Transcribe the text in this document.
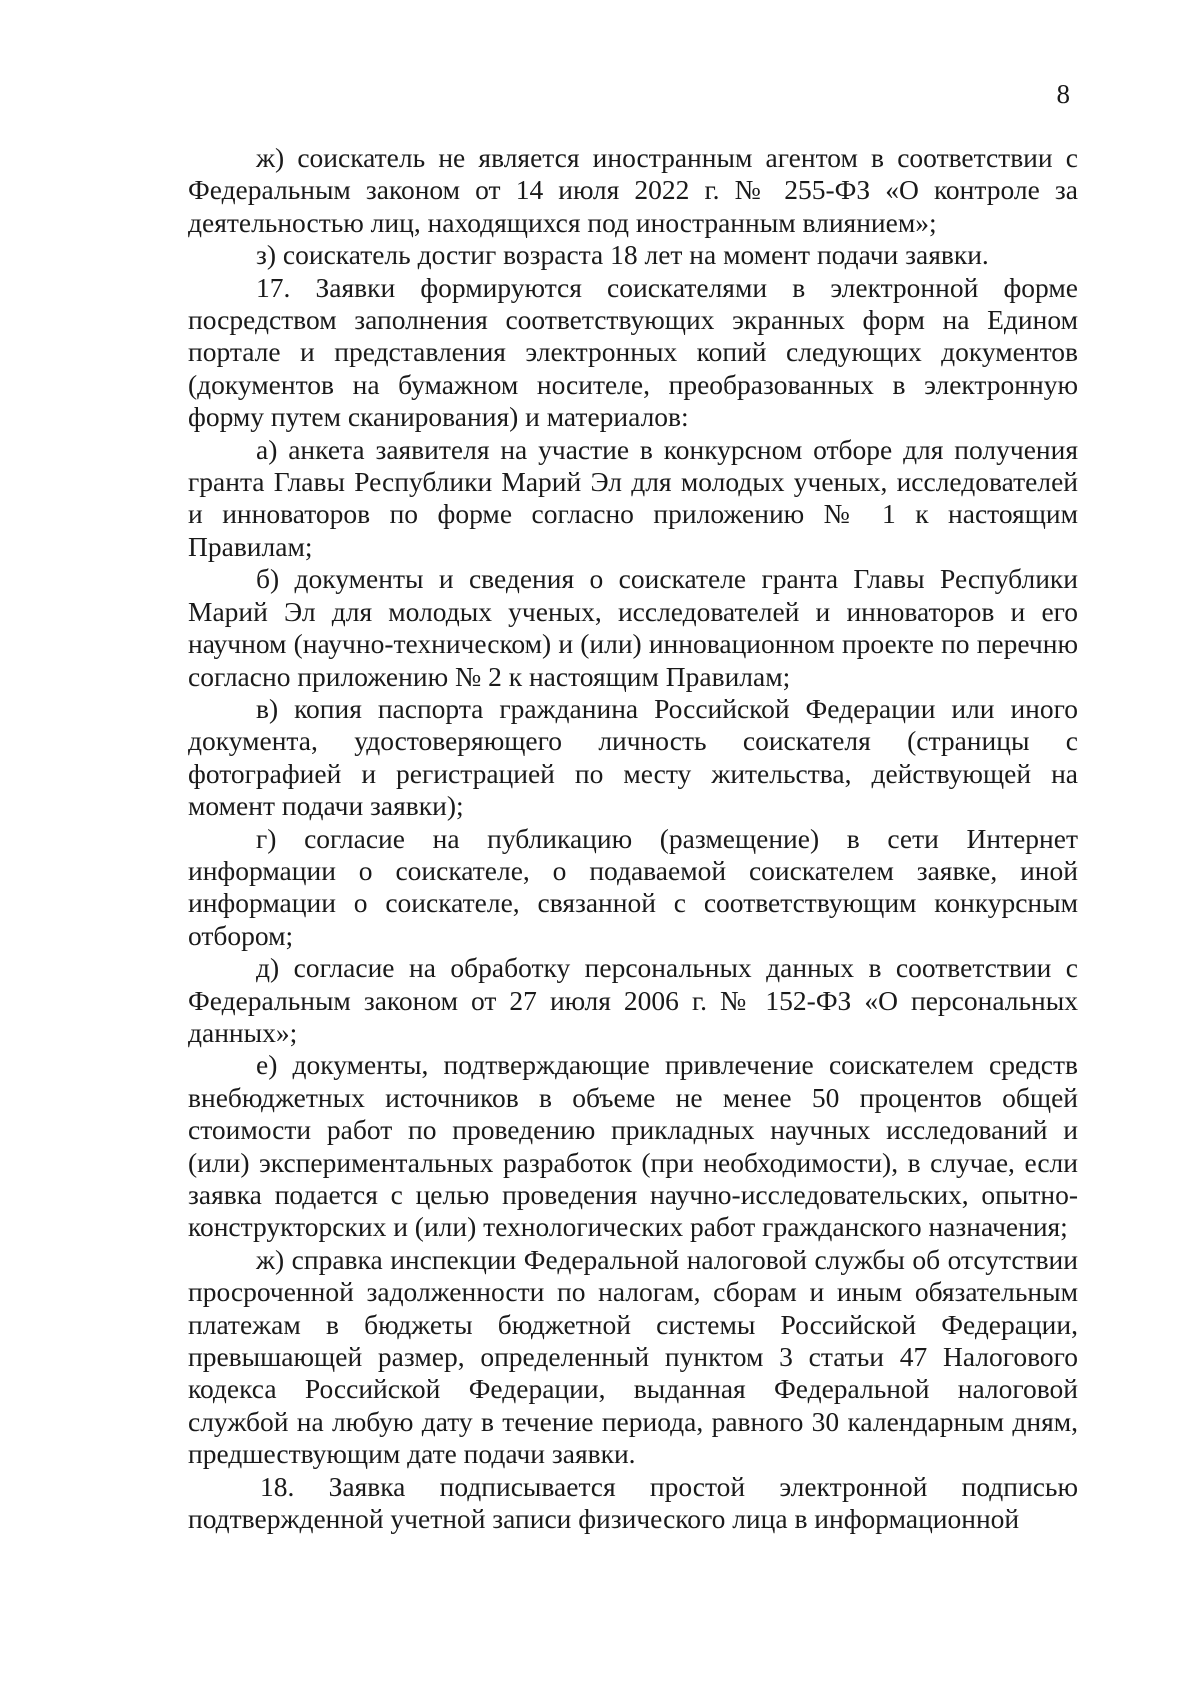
8

ж) соискатель не является иностранным агентом в соответствии с Федеральным законом от 14 июля 2022 г. № 255-ФЗ «О контроле за деятельностью лиц, находящихся под иностранным влиянием»;

з) соискатель достиг возраста 18 лет на момент подачи заявки.

17. Заявки формируются соискателями в электронной форме посредством заполнения соответствующих экранных форм на Едином портале и представления электронных копий следующих документов (документов на бумажном носителе, преобразованных в электронную форму путем сканирования) и материалов:

а) анкета заявителя на участие в конкурсном отборе для получения гранта Главы Республики Марий Эл для молодых ученых, исследователей и инноваторов по форме согласно приложению № 1 к настоящим Правилам;

б) документы и сведения о соискателе гранта Главы Республики Марий Эл для молодых ученых, исследователей и инноваторов и его научном (научно-техническом) и (или) инновационном проекте по перечню согласно приложению № 2 к настоящим Правилам;

в) копия паспорта гражданина Российской Федерации или иного документа, удостоверяющего личность соискателя (страницы с фотографией и регистрацией по месту жительства, действующей на момент подачи заявки);

г) согласие на публикацию (размещение) в сети Интернет информации о соискателе, о подаваемой соискателем заявке, иной информации о соискателе, связанной с соответствующим конкурсным отбором;

д) согласие на обработку персональных данных в соответствии с Федеральным законом от 27 июля 2006 г. № 152-ФЗ «О персональных данных»;

е) документы, подтверждающие привлечение соискателем средств внебюджетных источников в объеме не менее 50 процентов общей стоимости работ по проведению прикладных научных исследований и (или) экспериментальных разработок (при необходимости), в случае, если заявка подается с целью проведения научно-исследовательских, опытно-конструкторских и (или) технологических работ гражданского назначения;

ж) справка инспекции Федеральной налоговой службы об отсутствии просроченной задолженности по налогам, сборам и иным обязательным платежам в бюджеты бюджетной системы Российской Федерации, превышающей размер, определенный пунктом 3 статьи 47 Налогового кодекса Российской Федерации, выданная Федеральной налоговой службой на любую дату в течение периода, равного 30 календарным дням, предшествующим дате подачи заявки.

18. Заявка подписывается простой электронной подписью подтвержденной учетной записи физического лица в информационной
